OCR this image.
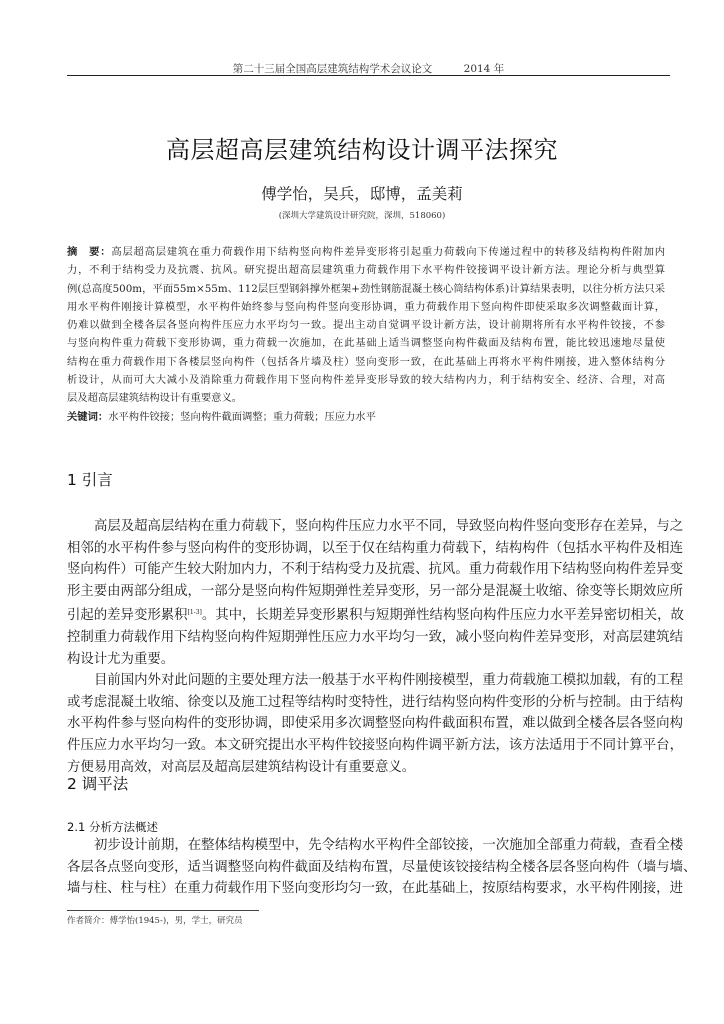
第二十三届全国高层建筑结构学术会议论文	2014 年
高层超高层建筑结构设计调平法探究
傅学怡，吴兵，邸博，孟美莉
(深圳大学建筑设计研究院，深圳，518060)
摘　要：高层超高层建筑在重力荷载作用下结构竖向构件差异变形将引起重力荷载向下传递过程中的转移及结构构件附加内
力，不利于结构受力及抗震、抗风。研究提出超高层建筑重力荷载作用下水平构件铰接调平设计新方法。理论分析与典型算
例(总高度500m，平面55m×55m、112层巨型钢斜撑外框架+劲性钢筋混凝土核心筒结构体系)计算结果表明，以往分析方法只采
用水平构件刚接计算模型，水平构件始终参与竖向构件竖向变形协调，重力荷载作用下竖向构件即使采取多次调整截面计算，
仍难以做到全楼各层各竖向构件压应力水平均匀一致。提出主动自觉调平设计新方法，设计前期将所有水平构件铰接，不参
与竖向构件重力荷载下变形协调，重力荷载一次施加，在此基础上适当调整竖向构件截面及结构布置，能比较迅速地尽量使
结构在重力荷载作用下各楼层竖向构件（包括各片墙及柱）竖向变形一致，在此基础上再将水平构件刚接，进入整体结构分
析设计，从而可大大减小及消除重力荷载作用下竖向构件差异变形导致的较大结构内力，利于结构安全、经济、合理，对高
层及超高层建筑结构设计有重要意义。
关键词：水平构件铰接；竖向构件截面调整；重力荷载；压应力水平
1 引言
高层及超高层结构在重力荷载下，竖向构件压应力水平不同，导致竖向构件竖向变形存在差异，与之
相邻的水平构件参与竖向构件的变形协调，以至于仅在结构重力荷载下，结构构件（包括水平构件及相连
竖向构件）可能产生较大附加内力，不利于结构受力及抗震、抗风。重力荷载作用下结构竖向构件差异变
形主要由两部分组成，一部分是竖向构件短期弹性差异变形，另一部分是混凝土收缩、徐变等长期效应所
引起的差异变形累积[1-3]。其中，长期差异变形累积与短期弹性结构竖向构件压应力水平差异密切相关，故
控制重力荷载作用下结构竖向构件短期弹性压应力水平均匀一致，减小竖向构件差异变形，对高层建筑结
构设计尤为重要。
目前国内外对此问题的主要处理方法一般基于水平构件刚接模型，重力荷载施工模拟加载，有的工程
或考虑混凝土收缩、徐变以及施工过程等结构时变特性，进行结构竖向构件变形的分析与控制。由于结构
水平构件参与竖向构件的变形协调，即使采用多次调整竖向构件截面积布置，难以做到全楼各层各竖向构
件压应力水平均匀一致。本文研究提出水平构件铰接竖向构件调平新方法，该方法适用于不同计算平台，
方便易用高效，对高层及超高层建筑结构设计有重要意义。
2 调平法
2.1 分析方法概述
初步设计前期，在整体结构模型中，先令结构水平构件全部铰接，一次施加全部重力荷载，查看全楼
各层各点竖向变形，适当调整竖向构件截面及结构布置，尽量使该铰接结构全楼各层各竖向构件（墙与墙、
墙与柱、柱与柱）在重力荷载作用下竖向变形均匀一致，在此基础上，按原结构要求，水平构件刚接，进
作者简介：傅学怡(1945-)，男，学士，研究员
